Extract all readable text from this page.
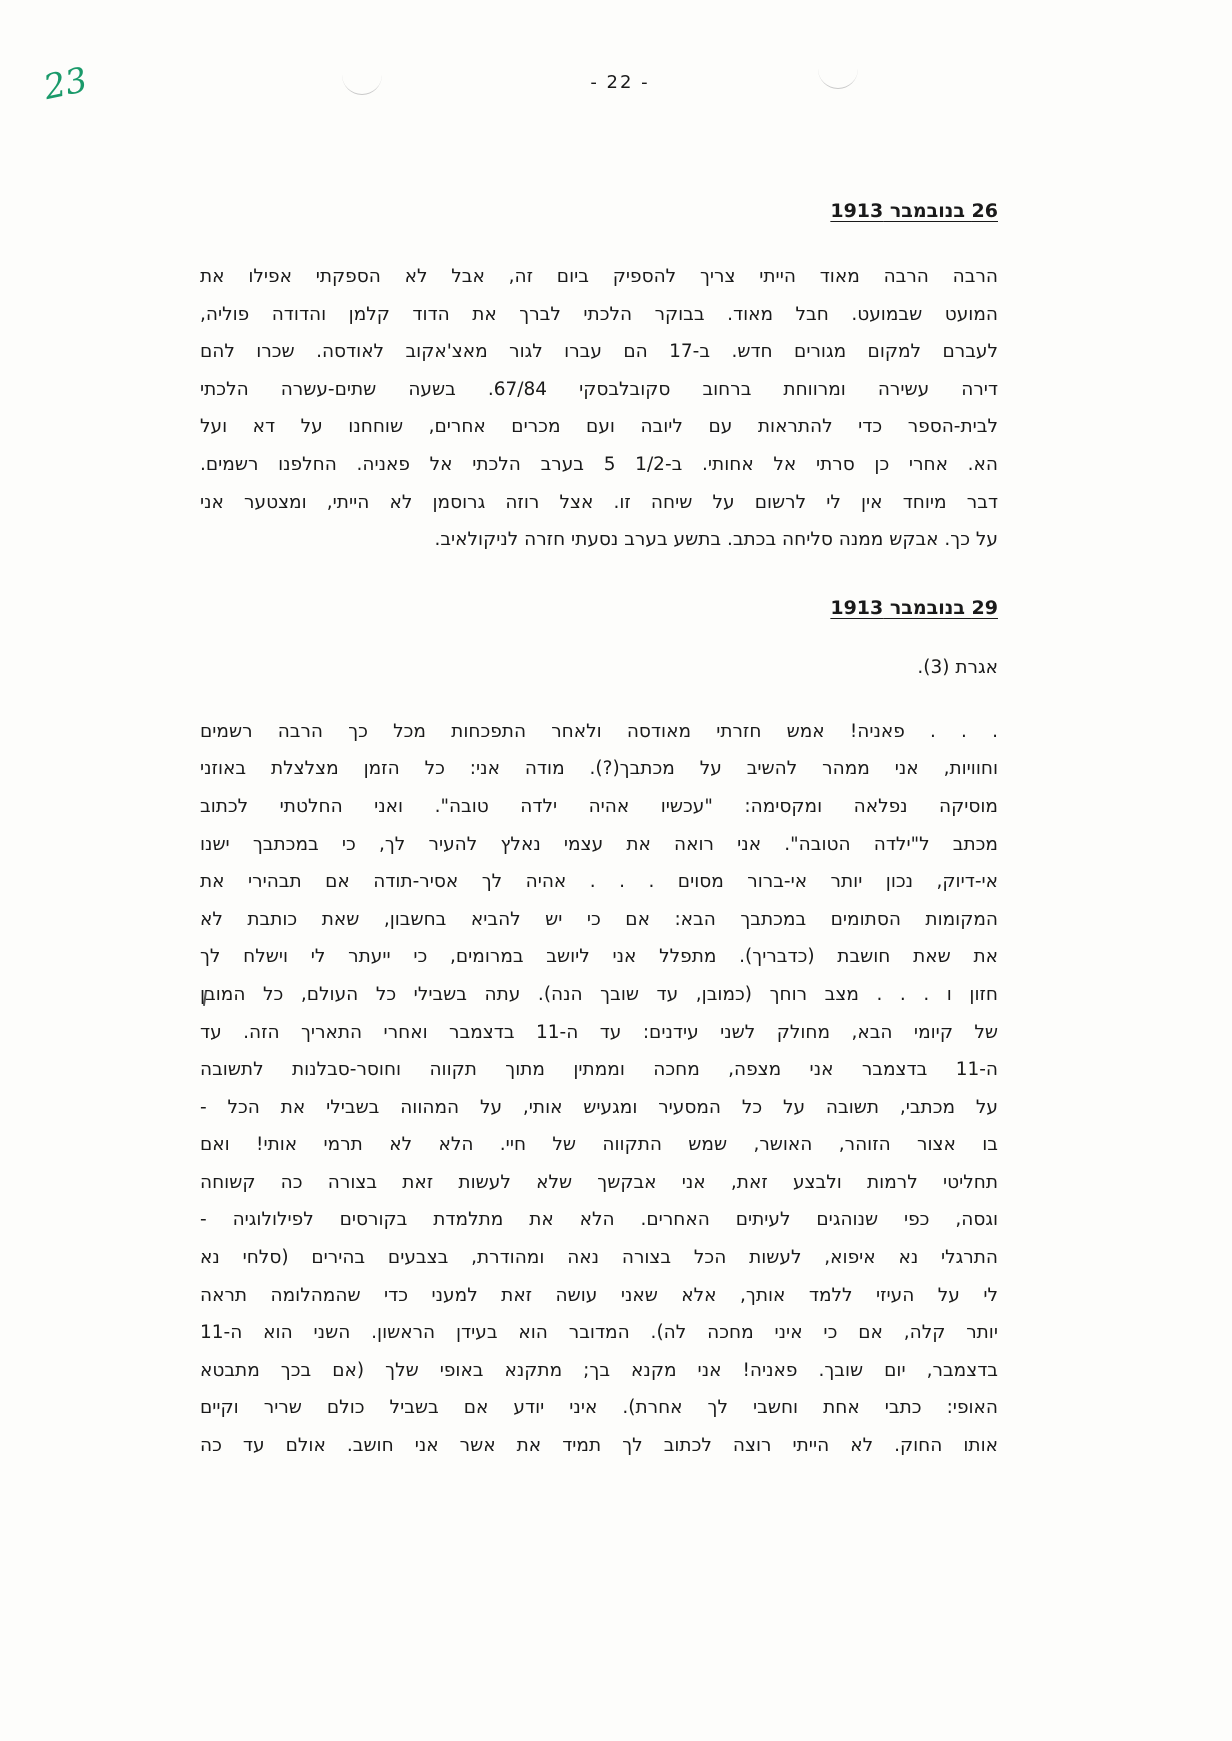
23	- 22 -
26 בנובמבר 1913

הרבה הרבה מאוד הייתי צריך להספיק ביום זה, אבל לא הספקתי אפילו את
המועט שבמועט. חבל מאוד. בבוקר הלכתי לברך את הדוד קלמן והדודה פוליה,
לעברם למקום מגורים חדש. ב-17 הם עברו לגור מאצ'אקוב לאודסה. שכרו להם
דירה עשירה ומרווחת ברחוב סקובלבסקי 67/84. בשעה שתים-עשרה הלכתי
לבית-הספר כדי להתראות עם ליובה ועם מכרים אחרים, שוחחנו על דא ועל
הא. אחרי כן סרתי אל אחותי. ב-1/2 5 בערב הלכתי אל פאניה. החלפנו רשמים.
דבר מיוחד אין לי לרשום על שיחה זו. אצל רוזה גרוסמן לא הייתי, ומצטער אני
על כך. אבקש ממנה סליחה בכתב. בתשע בערב נסעתי חזרה לניקולאיב.

29 בנובמבר 1913

אגרת (3).

. . . פאניה! אמש חזרתי מאודסה ולאחר התפכחות מכל כך הרבה רשמים
וחוויות, אני ממהר להשיב על מכתבך(?). מודה אני: כל הזמן מצלצלת באוזני
מוסיקה נפלאה ומקסימה: "עכשיו אהיה ילדה טובה". ואני החלטתי לכתוב
מכתב ל"ילדה הטובה". אני רואה את עצמי נאלץ להעיר לך, כי במכתבך ישנו
אי-דיוק, נכון יותר אי-ברור מסוים . . . אהיה לך אסיר-תודה אם תבהירי את
המקומות הסתומים במכתבך הבא: אם כי יש להביא בחשבון, שאת כותבת לא
את שאת חושבת (כדבריך). מתפלל אני ליושב במרומים, כי ייעתר לי וישלח לך
חזון ו . . . מצב רוחך (כמובן, עד שובך הנה). עתה בשבילי כל העולם, כל המובן
של קיומי הבא, מחולק לשני עידנים: עד ה-11 בדצמבר ואחרי התאריך הזה. עד
ה-11 בדצמבר אני מצפה, מחכה וממתין מתוך תקווה וחוסר-סבלנות לתשובה
על מכתבי, תשובה על כל המסעיר ומגעיש אותי, על המהווה בשבילי את הכל -
בו אצור הזוהר, האושר, שמש התקווה של חיי. הלא לא תרמי אותי! ואם
תחליטי לרמות ולבצע זאת, אני אבקשך שלא לעשות זאת בצורה כה קשוחה
וגסה, כפי שנוהגים לעיתים האחרים. הלא את מתלמדת בקורסים לפילולוגיה -
התרגלי נא איפוא, לעשות הכל בצורה נאה ומהודרת, בצבעים בהירים (סלחי נא
לי על העיזי ללמד אותך, אלא שאני עושה זאת למעני כדי שהמהלומה תראה
יותר קלה, אם כי איני מחכה לה). המדובר הוא בעידן הראשון. השני הוא ה-11
בדצמבר, יום שובך. פאניה! אני מקנא בך; מתקנא באופי שלך (אם בכך מתבטא
האופי: כתבי אחת וחשבי לך אחרת). איני יודע אם בשביל כולם שריר וקיים
אותו החוק. לא הייתי רוצה לכתוב לך תמיד את אשר אני חושב. אולם עד כה
